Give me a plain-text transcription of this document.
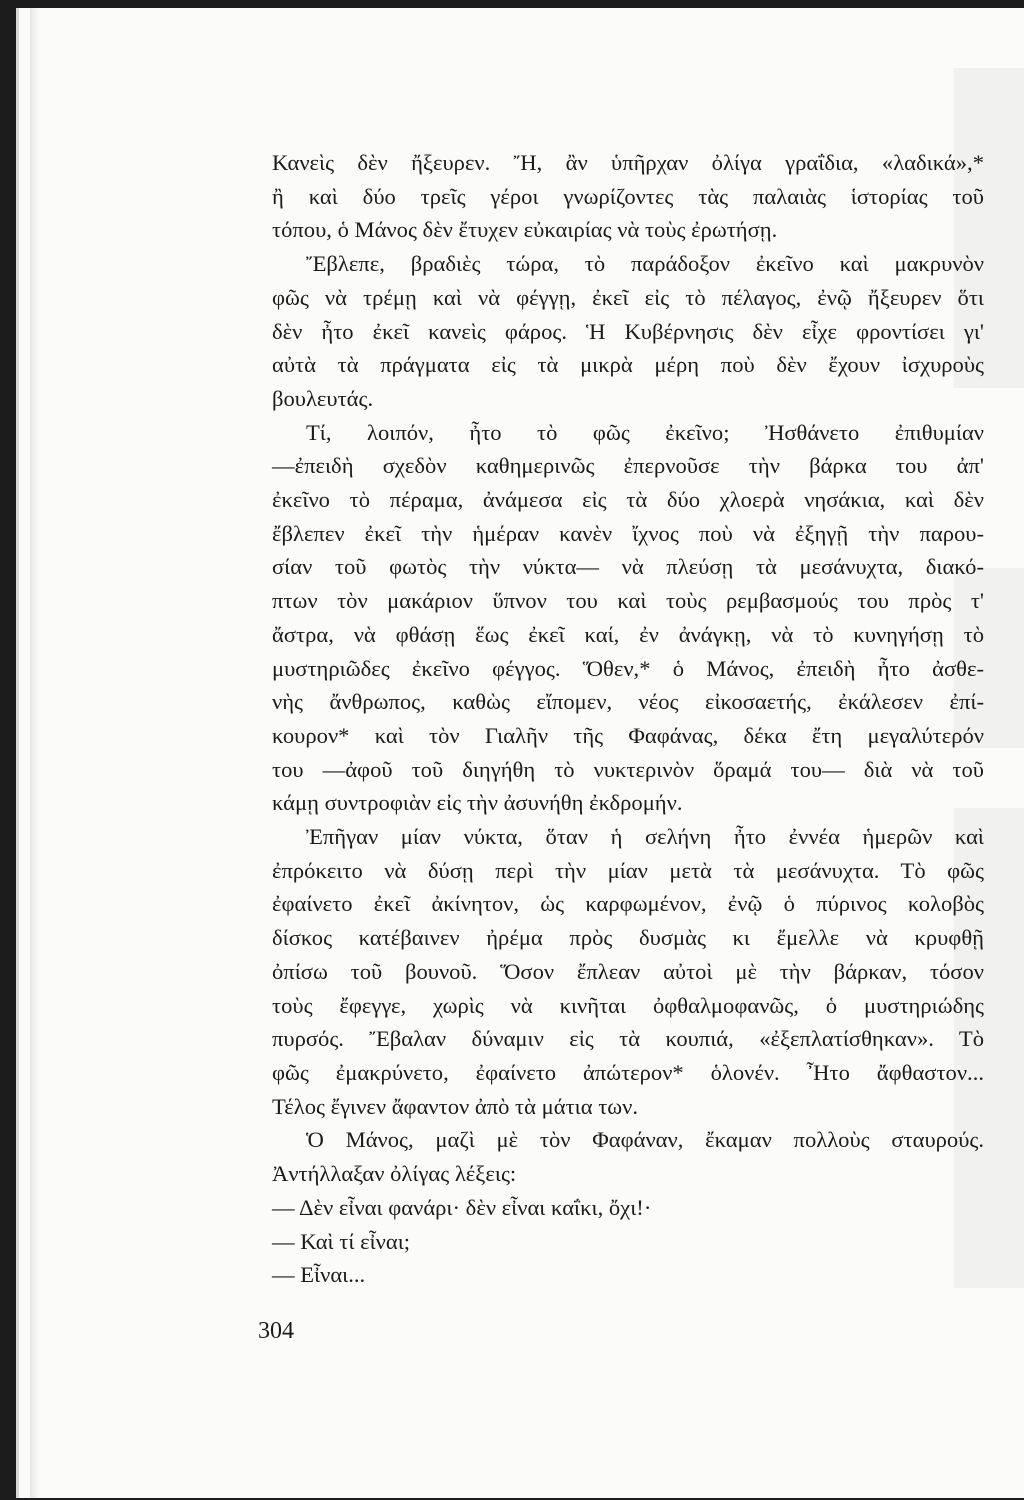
Κανεὶς δὲν ἤξευρεν. Ἤ, ἂν ὑπῆρχαν ὀλίγα γραΐδια, «λαδικά»,*

ἢ καὶ δύο τρεῖς γέροι γνωρίζοντες τὰς παλαιὰς ἱστορίας τοῦ

τόπου, ὁ Μάνος δὲν ἔτυχεν εὐκαιρίας νὰ τοὺς ἐρωτήσῃ.

Ἔβλεπε, βραδιὲς τώρα, τὸ παράδοξον ἐκεῖνο καὶ μακρυνὸν

φῶς νὰ τρέμῃ καὶ νὰ φέγγῃ, ἐκεῖ εἰς τὸ πέλαγος, ἐνῷ ἤξευρεν ὅτι

δὲν ἦτο ἐκεῖ κανεὶς φάρος. Ἡ Κυβέρνησις δὲν εἶχε φροντίσει γι'

αὐτὰ τὰ πράγματα εἰς τὰ μικρὰ μέρη ποὺ δὲν ἔχουν ἰσχυροὺς

βουλευτάς.

Τί, λοιπόν, ἦτο τὸ φῶς ἐκεῖνο; Ἠσθάνετο ἐπιθυμίαν

—ἐπειδὴ σχεδὸν καθημερινῶς ἐπερνοῦσε τὴν βάρκα του ἀπ'

ἐκεῖνο τὸ πέραμα, ἀνάμεσα εἰς τὰ δύο χλοερὰ νησάκια, καὶ δὲν

ἔβλεπεν ἐκεῖ τὴν ἡμέραν κανὲν ἴχνος ποὺ νὰ ἐξηγῇ τὴν παρου-

σίαν τοῦ φωτὸς τὴν νύκτα— νὰ πλεύσῃ τὰ μεσάνυχτα, διακό-

πτων τὸν μακάριον ὕπνον του καὶ τοὺς ρεμβασμούς του πρὸς τ'

ἄστρα, νὰ φθάσῃ ἕως ἐκεῖ καί, ἐν ἀνάγκῃ, νὰ τὸ κυνηγήσῃ τὸ

μυστηριῶδες ἐκεῖνο φέγγος. Ὅθεν,* ὁ Μάνος, ἐπειδὴ ἦτο ἀσθε-

νὴς ἄνθρωπος, καθὼς εἴπομεν, νέος εἰκοσαετής, ἐκάλεσεν ἐπί-

κουρον* καὶ τὸν Γιαλῆν τῆς Φαφάνας, δέκα ἔτη μεγαλύτερόν

του —ἀφοῦ τοῦ διηγήθη τὸ νυκτερινὸν ὅραμά του— διὰ νὰ τοῦ

κάμῃ συντροφιὰν εἰς τὴν ἀσυνήθη ἐκδρομήν.

Ἐπῆγαν μίαν νύκτα, ὅταν ἡ σελήνη ἦτο ἐννέα ἡμερῶν καὶ

ἐπρόκειτο νὰ δύσῃ περὶ τὴν μίαν μετὰ τὰ μεσάνυχτα. Τὸ φῶς

ἐφαίνετο ἐκεῖ ἀκίνητον, ὡς καρφωμένον, ἐνῷ ὁ πύρινος κολοβὸς

δίσκος κατέβαινεν ἠρέμα πρὸς δυσμὰς κι ἔμελλε νὰ κρυφθῇ

ὀπίσω τοῦ βουνοῦ. Ὅσον ἔπλεαν αὐτοὶ μὲ τὴν βάρκαν, τόσον

τοὺς ἔφεγγε, χωρὶς νὰ κινῆται ὀφθαλμοφανῶς, ὁ μυστηριώδης

πυρσός. Ἔβαλαν δύναμιν εἰς τὰ κουπιά, «ἐξεπλατίσθηκαν». Τὸ

φῶς ἐμακρύνετο, ἐφαίνετο ἀπώτερον* ὁλονέν. Ἦτο ἄφθαστον...

Τέλος ἔγινεν ἄφαντον ἀπὸ τὰ μάτια των.

Ὁ Μάνος, μαζὶ μὲ τὸν Φαφάναν, ἔκαμαν πολλοὺς σταυρούς.

Ἀντήλλαξαν ὀλίγας λέξεις:

— Δὲν εἶναι φανάρι· δὲν εἶναι καΐκι, ὄχι!·

— Καὶ τί εἶναι;

— Εἶναι...

304
